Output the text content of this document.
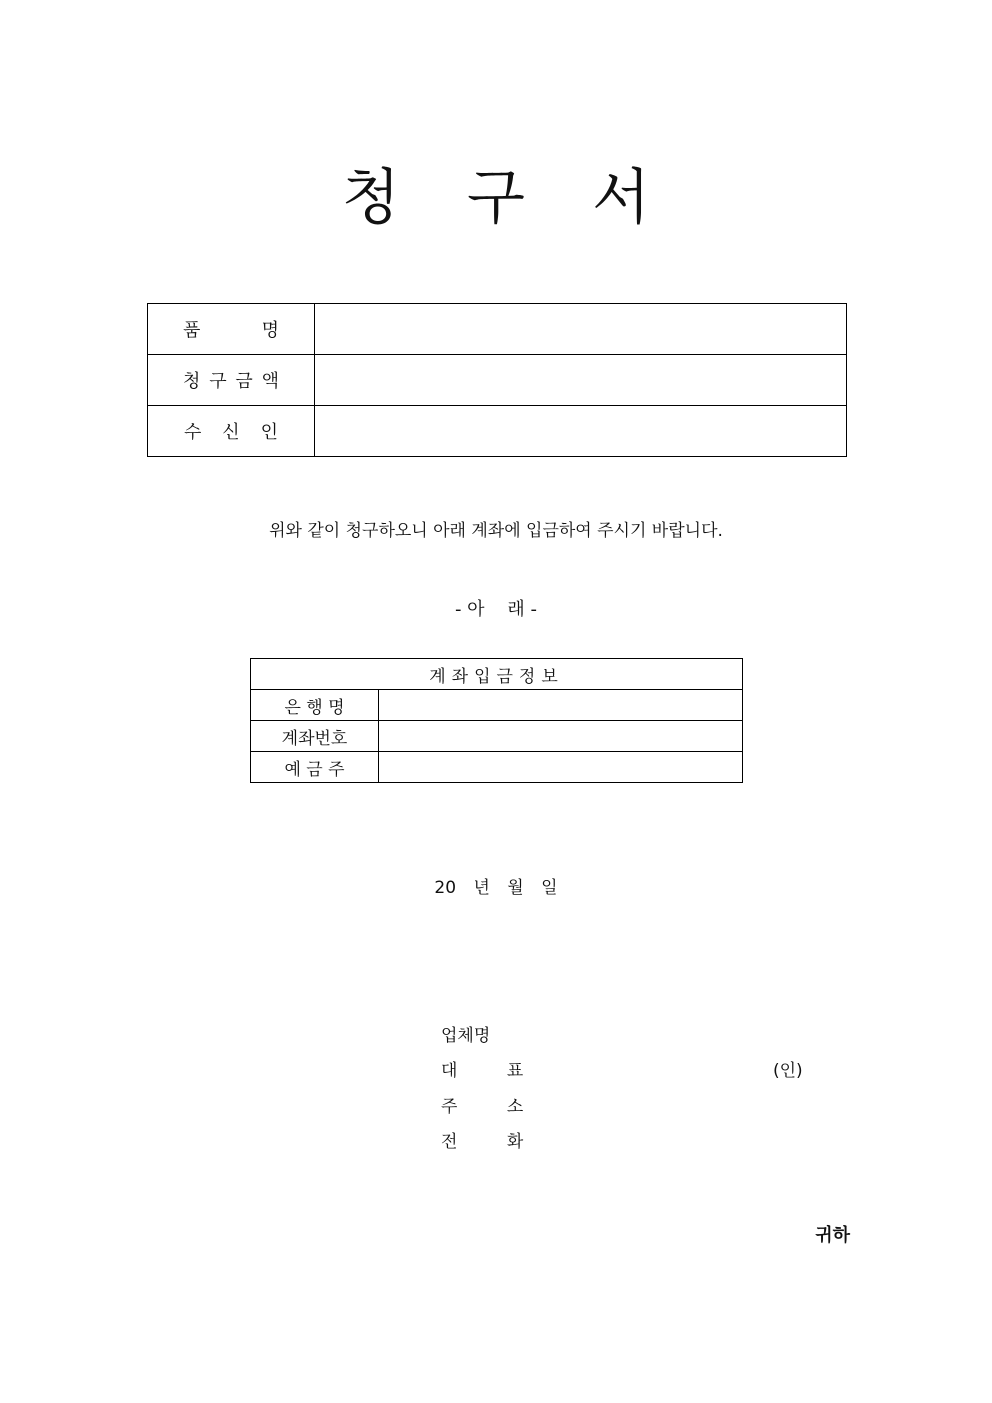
청 구 서
품 명	

청 구 금 액	

수 신 인	

위와 같이 청구하오니 아래 계좌에 입금하여 주시기 바랍니다.
- 아    래 -
계좌입금정보	
은 행 명	
계좌번호	
예 금 주	
20 년 월 일
업체명
대 표	(인)
주 소
전 화
귀하
